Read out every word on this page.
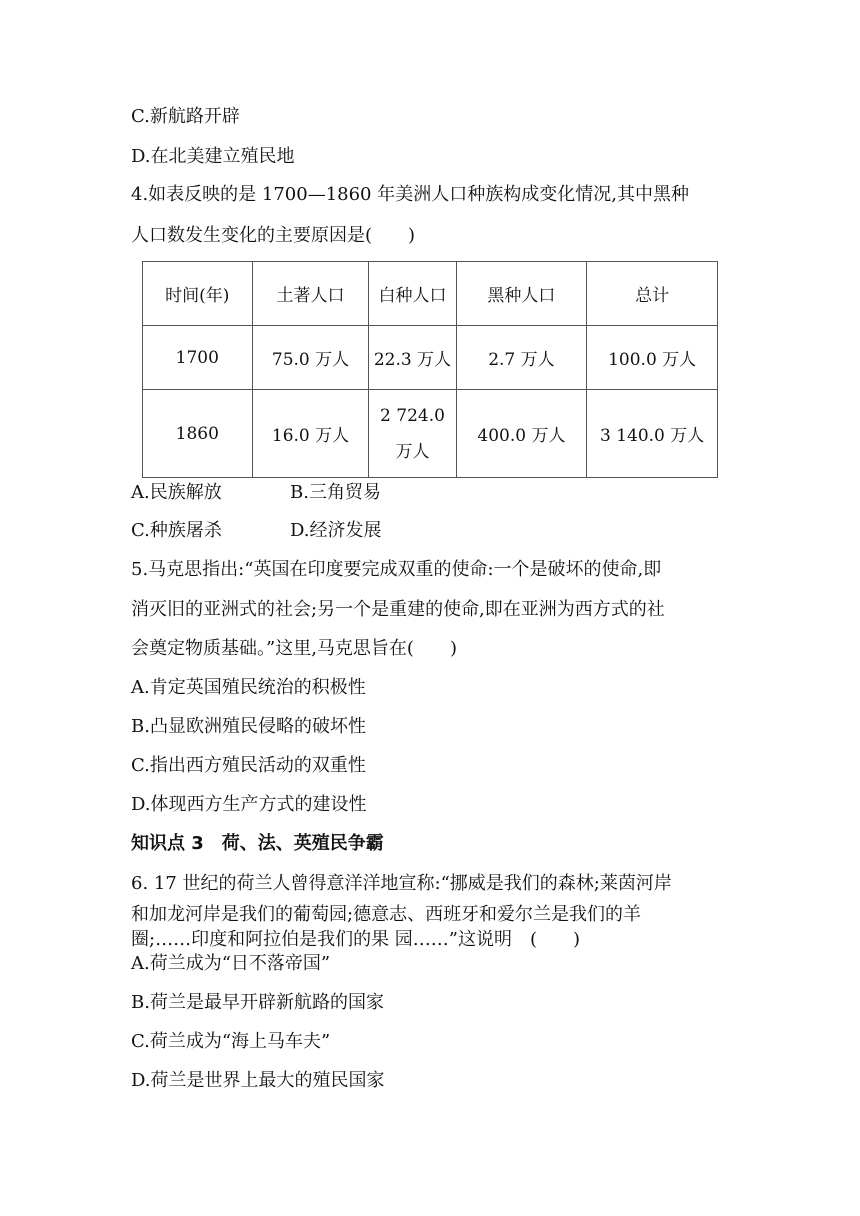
C.新航路开辟
D.在北美建立殖民地
4.如表反映的是 1700—1860 年美洲人口种族构成变化情况,其中黑种
人口数发生变化的主要原因是(　　)
时间(年)	土著人口	白种人口	黑种人口	总计
1700	75.0 万人	22.3 万人	2.7 万人	100.0 万人
1860	16.0 万人	2 724.0 万人	400.0 万人	3 140.0 万人
A.民族解放	B.三角贸易
C.种族屠杀	D.经济发展
5.马克思指出:“英国在印度要完成双重的使命:一个是破坏的使命,即
消灭旧的亚洲式的社会;另一个是重建的使命,即在亚洲为西方式的社
会奠定物质基础。”这里,马克思旨在(　　)
A.肯定英国殖民统治的积极性
B.凸显欧洲殖民侵略的破坏性
C.指出西方殖民活动的双重性
D.体现西方生产方式的建设性
知识点 3　荷、法、英殖民争霸
6. 17 世纪的荷兰人曾得意洋洋地宣称:“挪威是我们的森林;莱茵河岸
和加龙河岸是我们的葡萄园;德意志、西班牙和爱尔兰是我们的羊
圈;……印度和阿拉伯是我们的果 园……”这说明　(　　)
A.荷兰成为“日不落帝国”
B.荷兰是最早开辟新航路的国家
C.荷兰成为“海上马车夫”
D.荷兰是世界上最大的殖民国家
